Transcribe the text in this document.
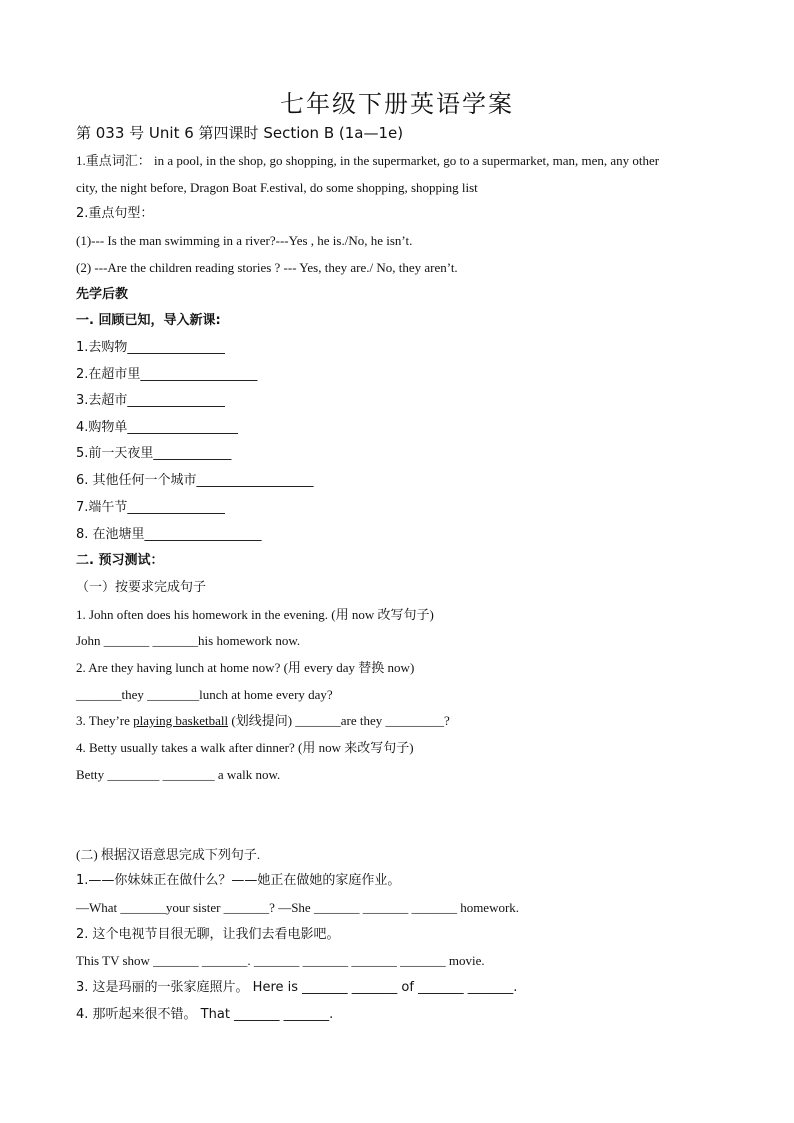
七年级下册英语学案
第 033 号 Unit 6 第四课时 Section B (1a—1e)
1.重点词汇： in a pool, in the shop, go shopping, in the supermarket, go to a supermarket, man, men, any other
city, the night before, Dragon Boat F.estival, do some shopping, shopping list
2.重点句型：
(1)--- Is the man swimming in a river?---Yes , he is./No, he isn’t.
(2) ---Are the children reading stories ? --- Yes, they are./ No, they aren’t.
先学后教
一. 回顾已知，导入新课:
1.去购物_______________
2.在超市里__________________
3.去超市_______________
4.购物单_________________
5.前一天夜里____________
6. 其他任何一个城市__________________
7.端午节_______________
8. 在池塘里__________________
二. 预习测试：
（一）按要求完成句子
1. John often does his homework in the evening. (用 now 改写句子)
John _______ _______his homework now.
2. Are they having lunch at home now? (用 every day 替换 now)
_______they ________lunch at home every day?
3. They’re playing basketball (划线提问) _______are they _________?
4. Betty usually takes a walk after dinner? (用 now 来改写句子)
Betty ________ ________ a walk now.
(二) 根据汉语意思完成下列句子.
1.——你妹妹正在做什么？——她正在做她的家庭作业。
—What _______your sister _______? —She _______ _______ _______ homework.
2. 这个电视节目很无聊，让我们去看电影吧。
This TV show _______ _______. _______ _______ _______ _______ movie.
3. 这是玛丽的一张家庭照片。 Here is _______ _______ of _______ _______.
4. 那听起来很不错。 That _______ _______.
